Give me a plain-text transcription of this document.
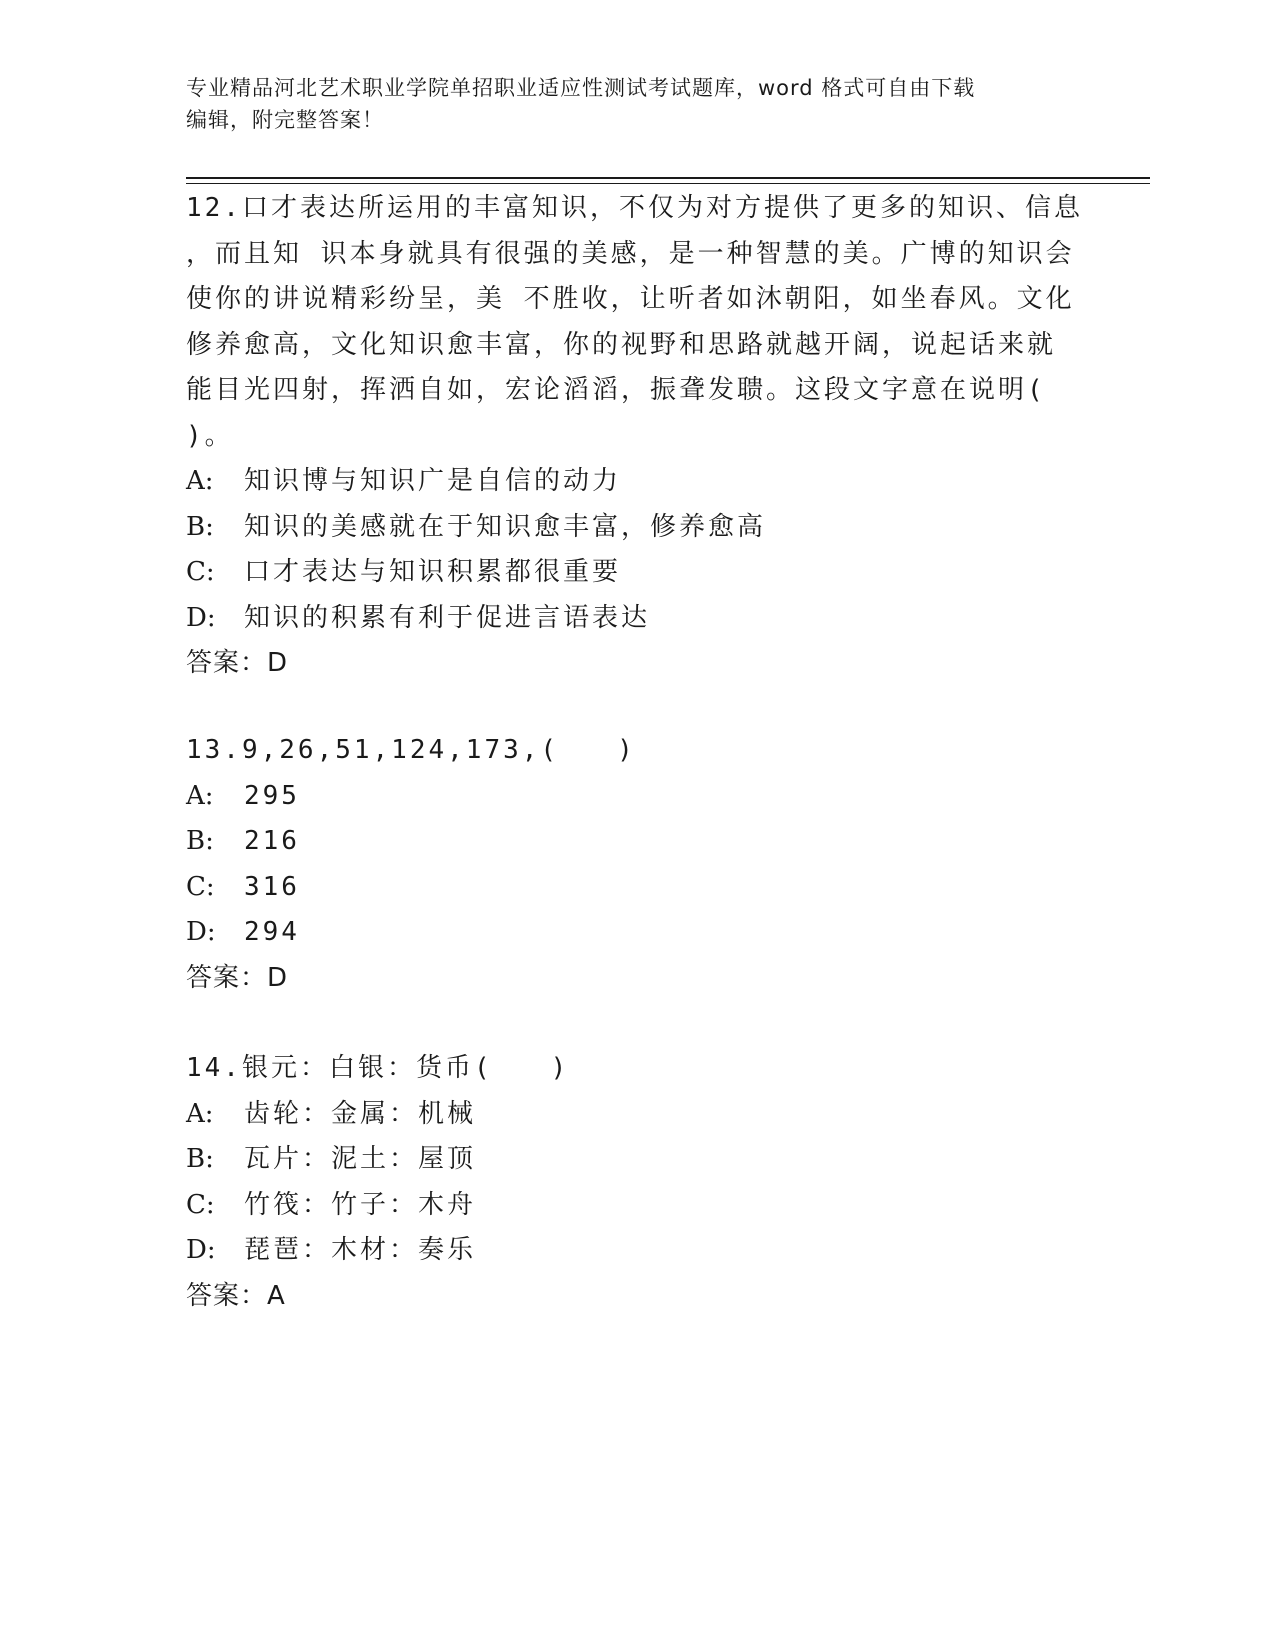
专业精品河北艺术职业学院单招职业适应性测试考试题库，word 格式可自由下载
编辑，附完整答案！
12.口才表达所运用的丰富知识，不仅为对方提供了更多的知识、信息
，而且知 识本身就具有很强的美感，是一种智慧的美。广博的知识会
使你的讲说精彩纷呈，美 不胜收，让听者如沐朝阳，如坐春风。文化
修养愈高，文化知识愈丰富，你的视野和思路就越开阔，说起话来就
能目光四射，挥洒自如，宏论滔滔，振聋发聩。这段文字意在说明(
)。
A: 知识博与知识广是自信的动力
B: 知识的美感就在于知识愈丰富，修养愈高
C: 口才表达与知识积累都很重要
D: 知识的积累有利于促进言语表达
答案：D
13.9,26,51,124,173,(　　)
A: 295
B: 216
C: 316
D: 294
答案：D
14.银元：白银：货币(　　)
A: 齿轮：金属：机械
B: 瓦片：泥土：屋顶
C: 竹筏：竹子：木舟
D: 琵琶：木材：奏乐
答案：A
